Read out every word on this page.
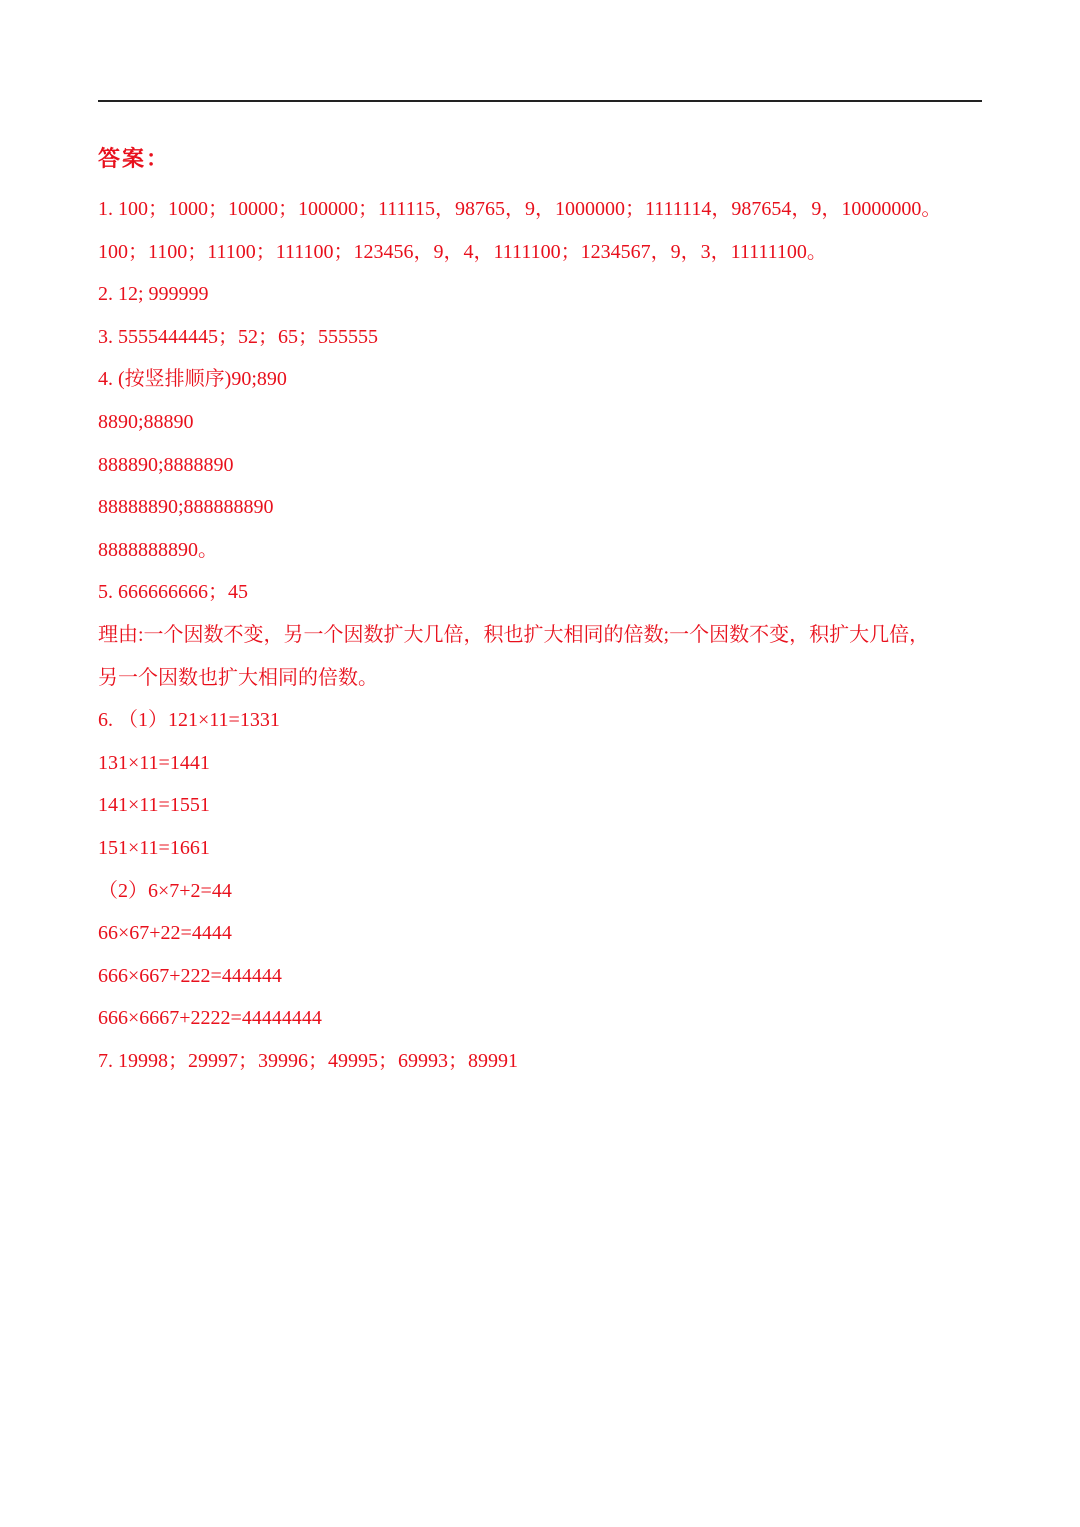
答案：
1. 100；1000；10000；100000；111115，98765，9，1000000；1111114，987654，9，10000000。
100；1100；11100；111100；123456，9，4，1111100；1234567，9，3，11111100。
2. 12; 999999
3. 5555444445；52；65；555555
4. (按竖排顺序)90;890
8890;88890
888890;8888890
88888890;888888890
8888888890。
5. 666666666；45
理由:一个因数不变，另一个因数扩大几倍，积也扩大相同的倍数;一个因数不变，积扩大几倍，
另一个因数也扩大相同的倍数。
6. （1）121×11=1331
131×11=1441
141×11=1551
151×11=1661
（2）6×7+2=44
66×67+22=4444
666×667+222=444444
666×6667+2222=44444444
7. 19998；29997；39996；49995；69993；89991
